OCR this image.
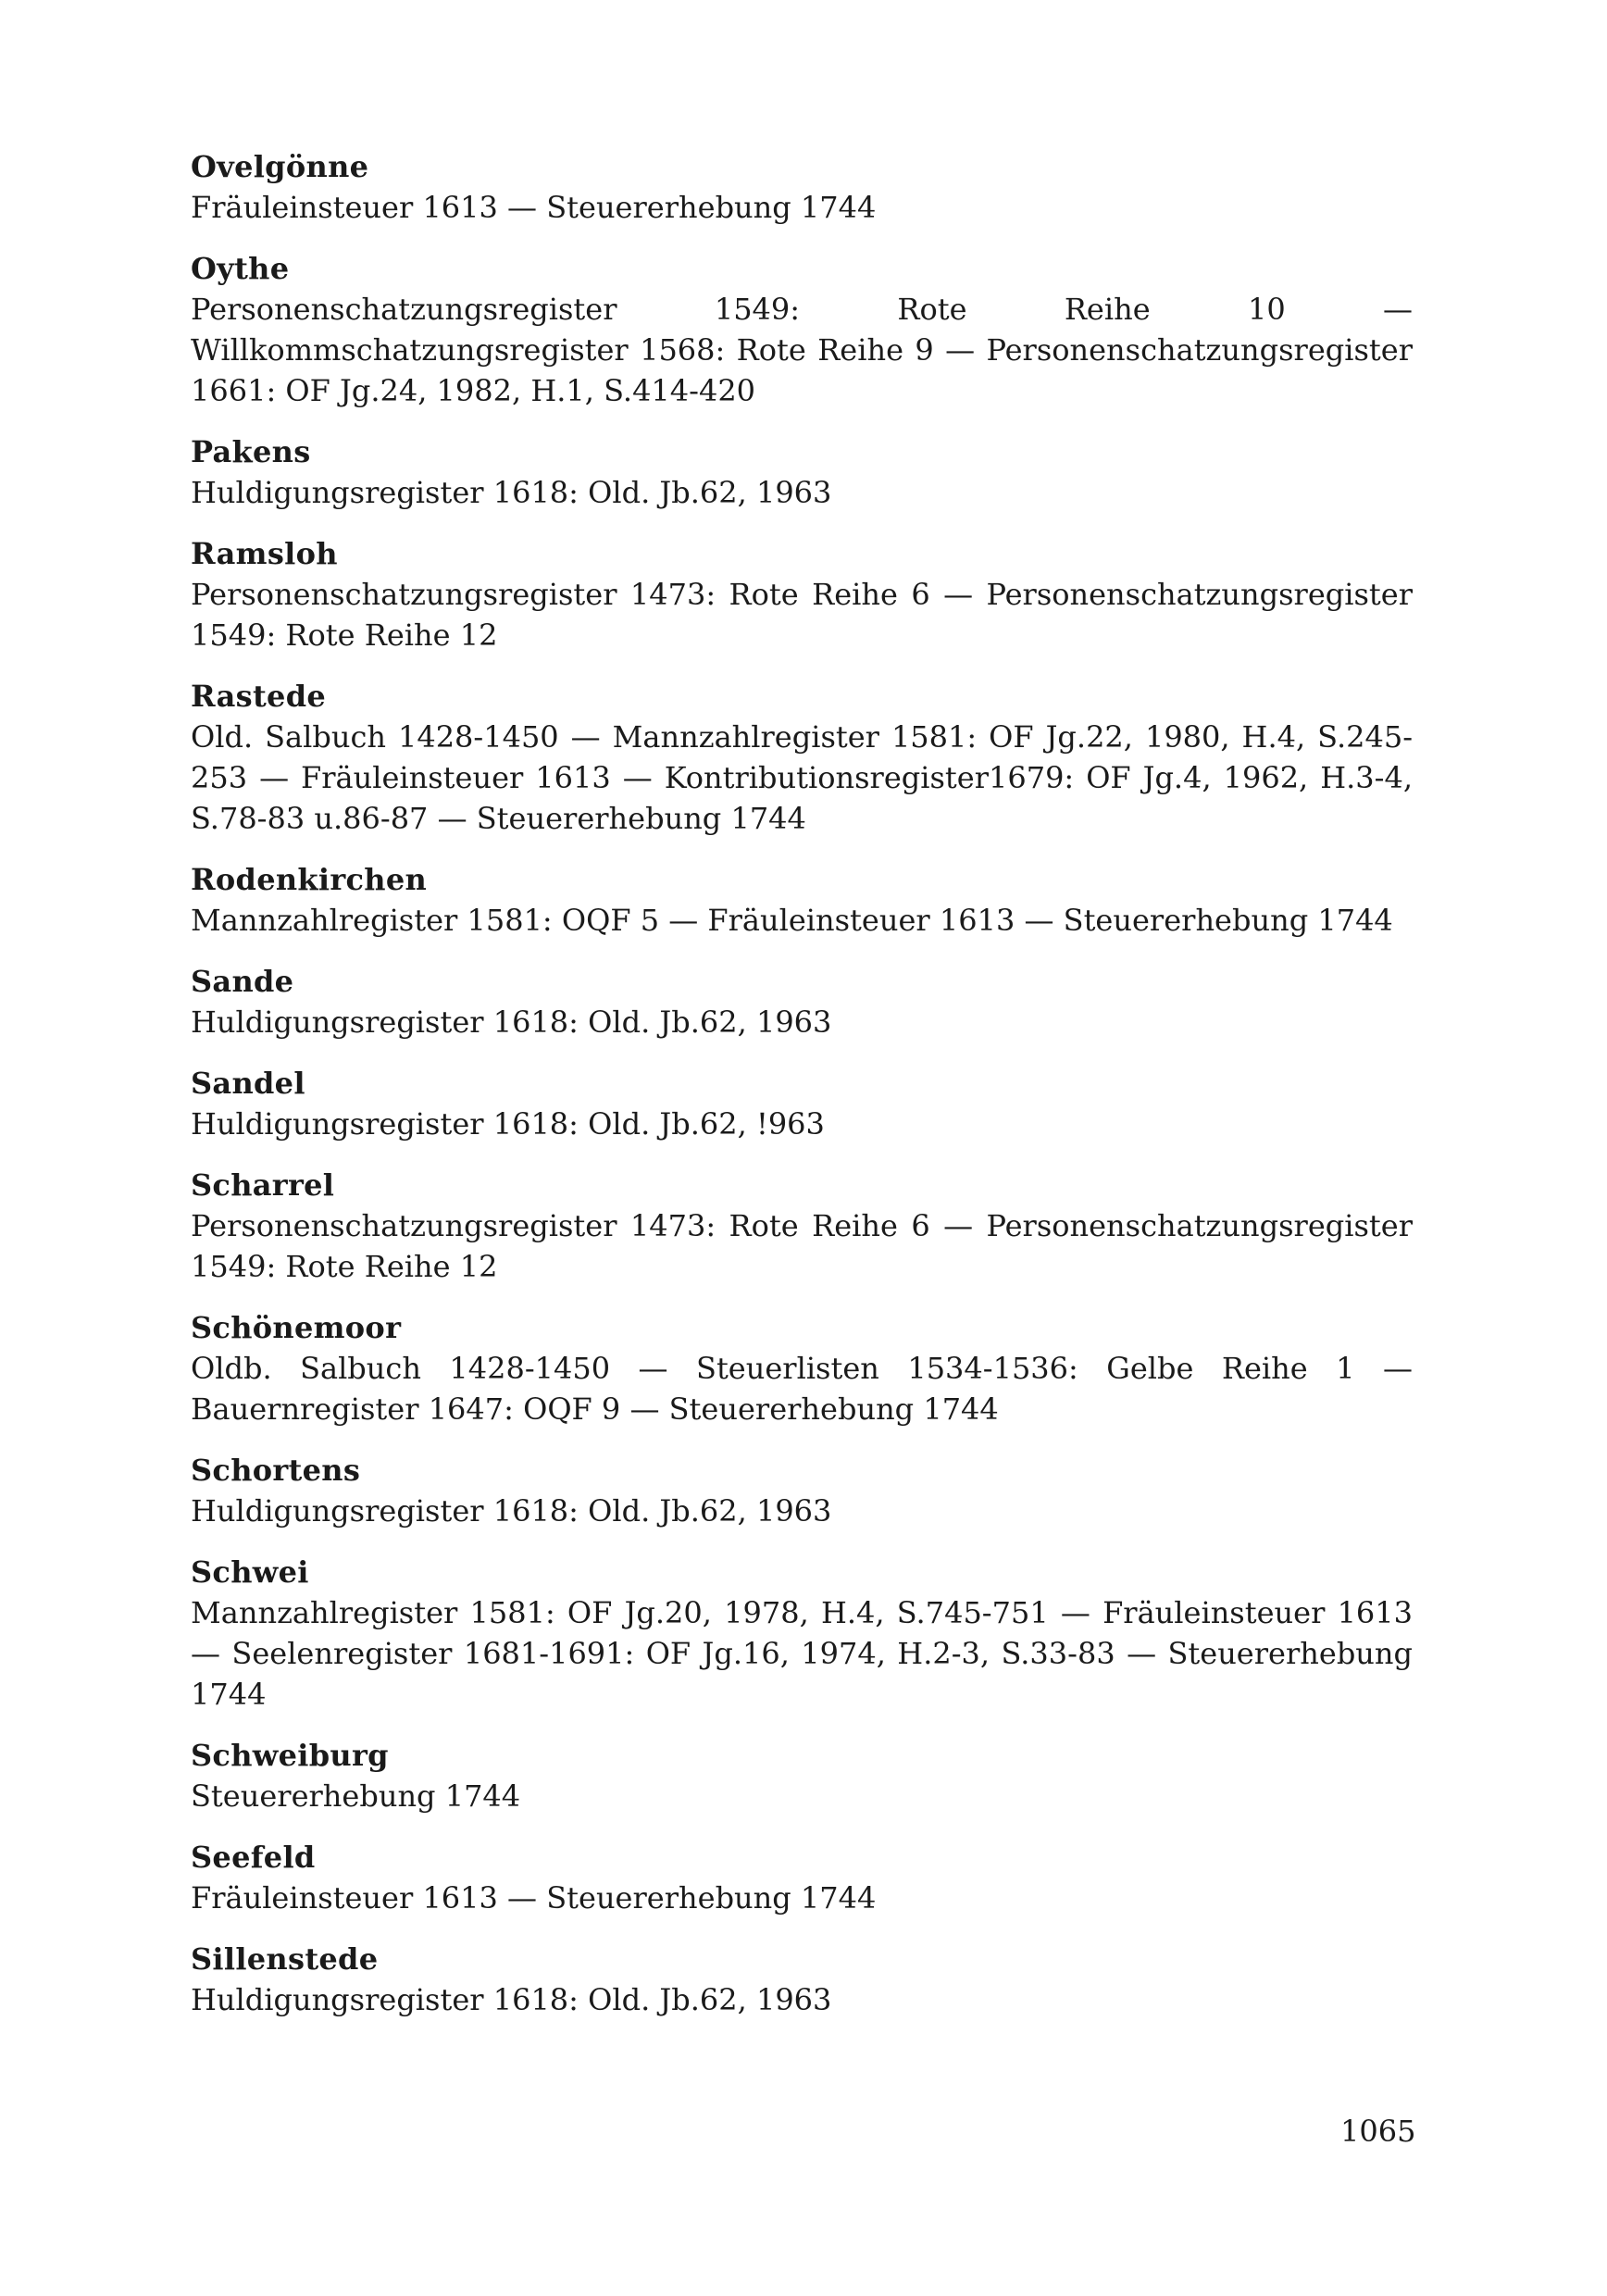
Ovelgönne

Fräuleinsteuer 1613 — Steuererhebung 1744

Oythe

Personenschatzungsregister 1549: Rote Reihe 10 — Willkommschatzungsregister 1568: Rote Reihe 9 — Personenschatzungsregister 1661: OF Jg.24, 1982, H.1, S.414-420

Pakens

Huldigungsregister 1618: Old. Jb.62, 1963

Ramsloh

Personenschatzungsregister 1473: Rote Reihe 6 — Personenschatzungsregister 1549: Rote Reihe 12

Rastede

Old. Salbuch 1428-1450 — Mannzahlregister 1581: OF Jg.22, 1980, H.4, S.245-253 — Fräuleinsteuer 1613 — Kontributionsregister1679: OF Jg.4, 1962, H.3-4, S.78-83 u.86-87 — Steuererhebung 1744

Rodenkirchen

Mannzahlregister 1581: OQF 5 — Fräuleinsteuer 1613 — Steuererhebung 1744

Sande

Huldigungsregister 1618: Old. Jb.62, 1963

Sandel

Huldigungsregister 1618: Old. Jb.62, !963

Scharrel

Personenschatzungsregister 1473: Rote Reihe 6 — Personenschatzungsregister 1549: Rote Reihe 12

Schönemoor

Oldb. Salbuch 1428-1450 — Steuerlisten 1534-1536: Gelbe Reihe 1 — Bauernregister 1647: OQF 9 — Steuererhebung 1744

Schortens

Huldigungsregister 1618: Old. Jb.62, 1963

Schwei

Mannzahlregister 1581: OF Jg.20, 1978, H.4, S.745-751 — Fräuleinsteuer 1613 — Seelenregister 1681-1691: OF Jg.16, 1974, H.2-3, S.33-83 — Steuererhebung 1744

Schweiburg

Steuererhebung 1744

Seefeld

Fräuleinsteuer 1613 — Steuererhebung 1744

Sillenstede

Huldigungsregister 1618: Old. Jb.62, 1963

1065
